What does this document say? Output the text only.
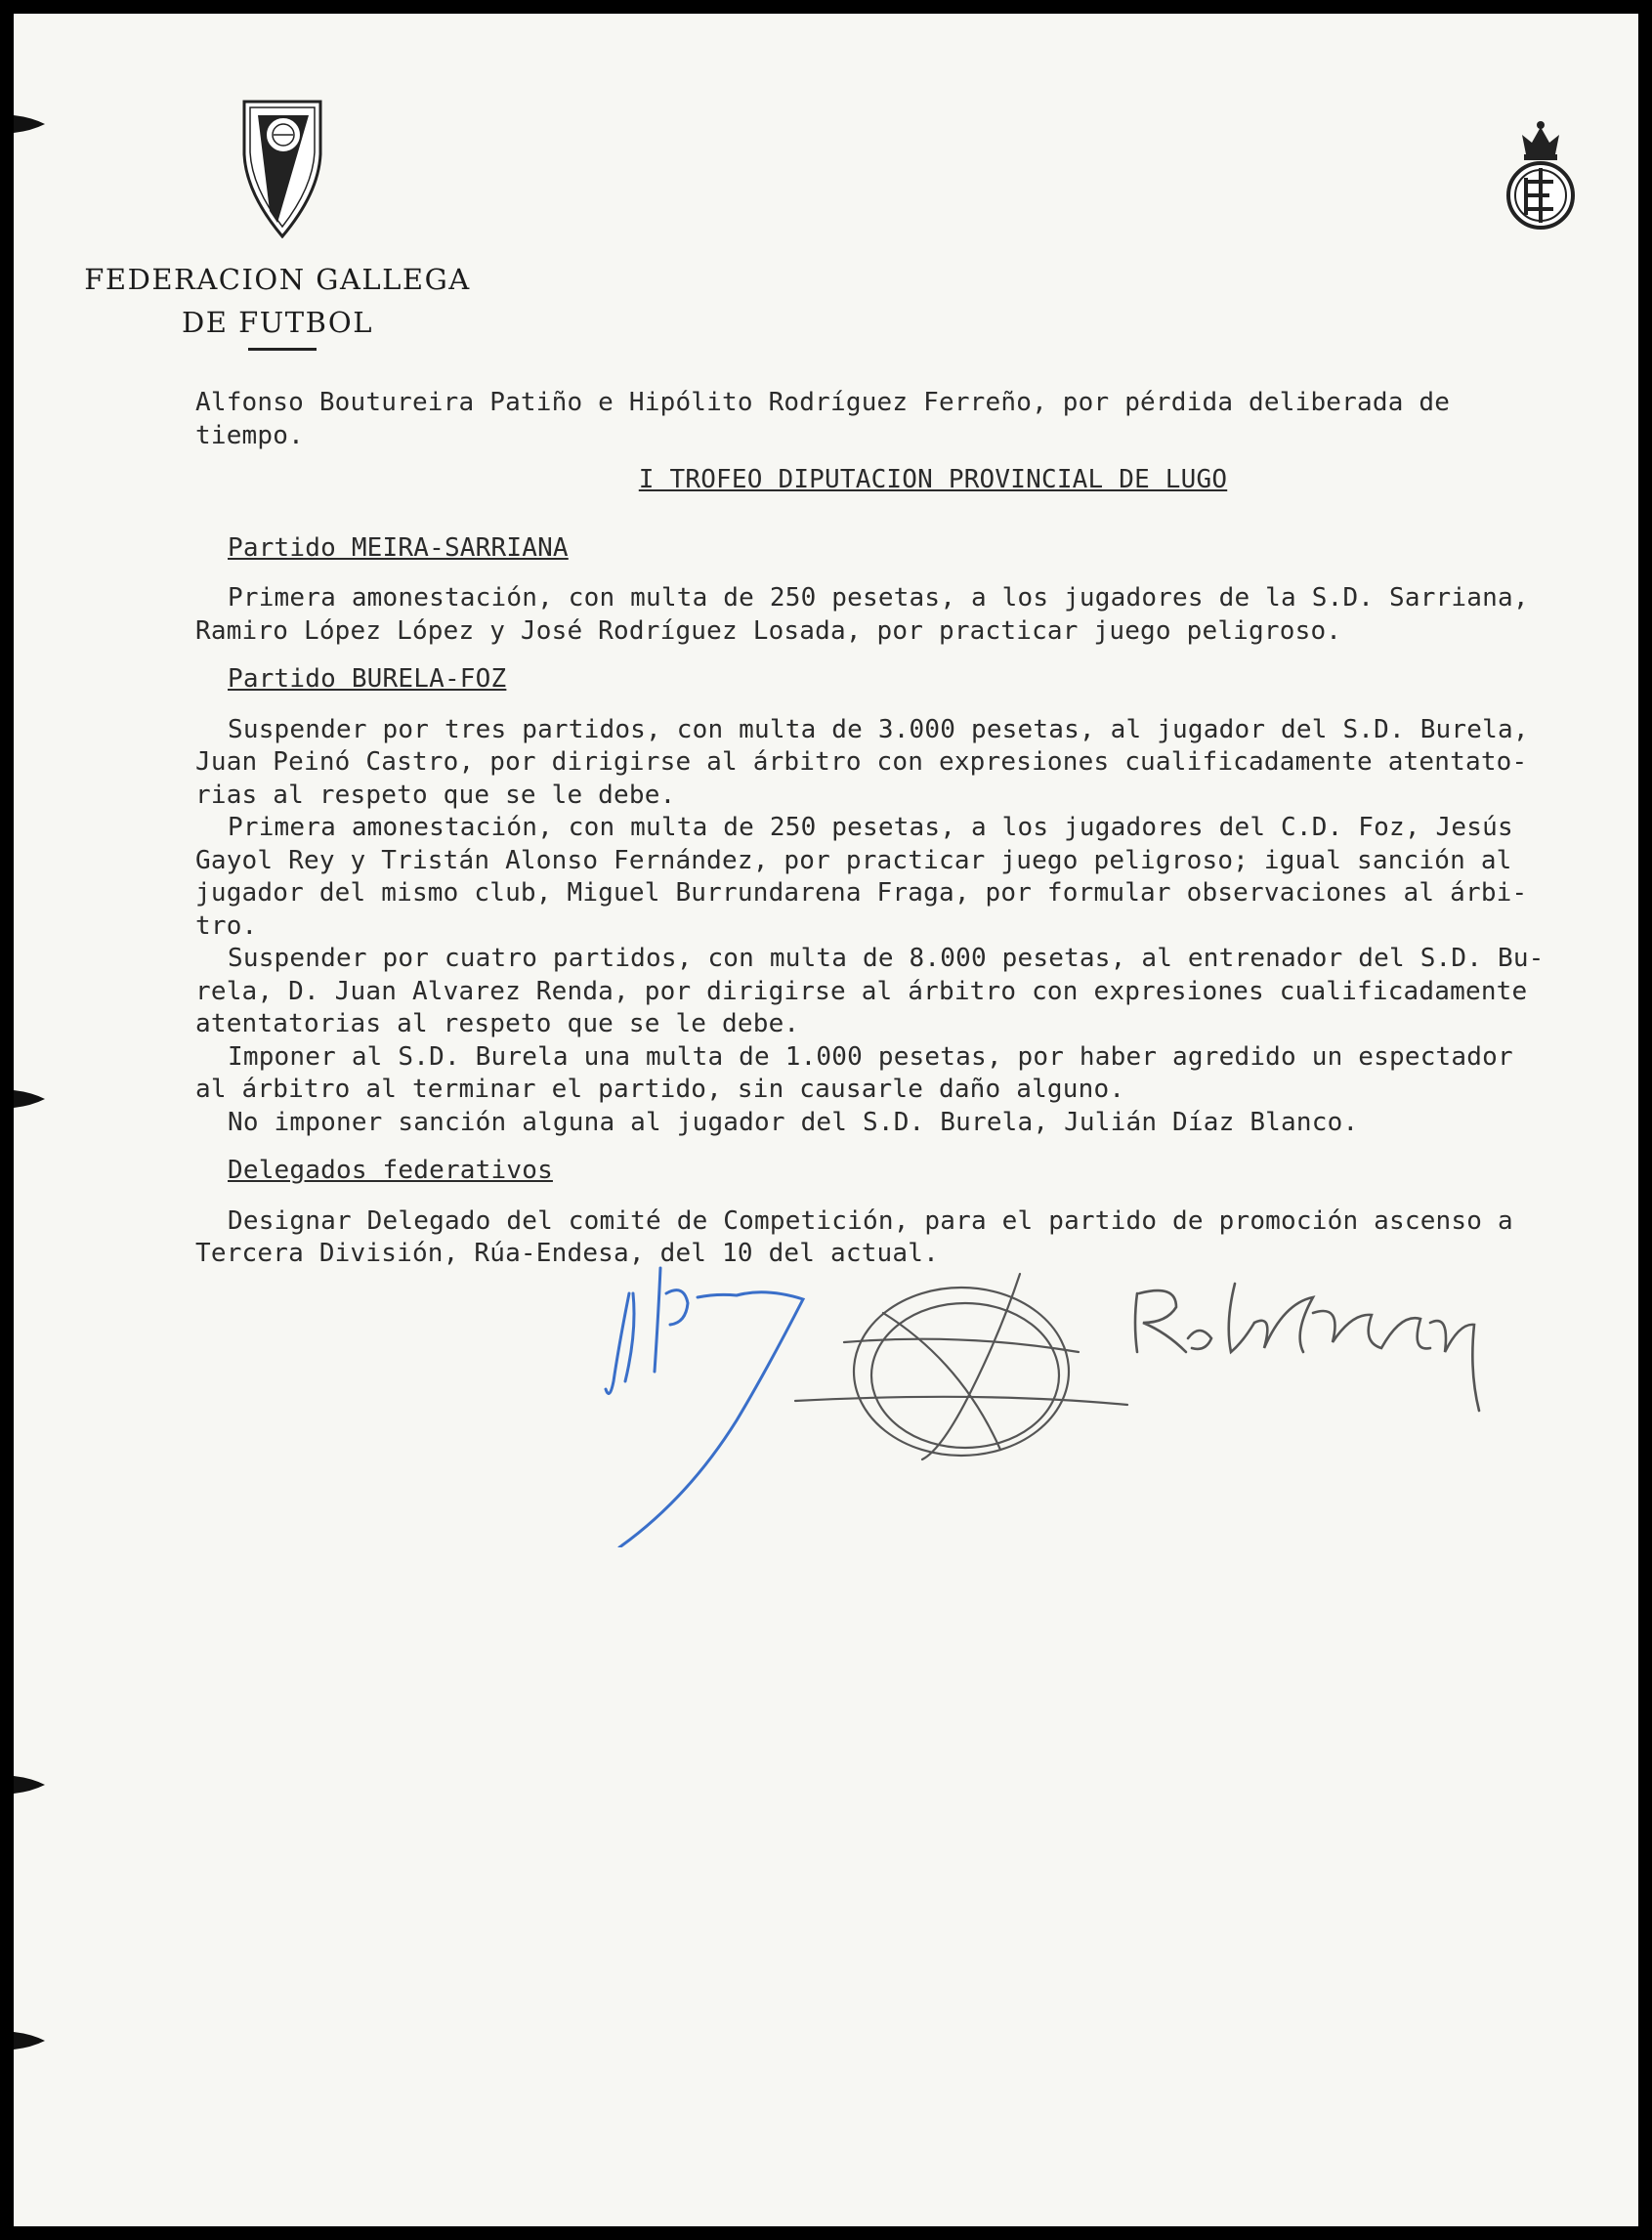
FEDERACION GALLEGA
DE FUTBOL
Alfonso Boutureira Patiño e Hipólito Rodríguez Ferreño, por pérdida deliberada de
tiempo.
I TROFEO DIPUTACION PROVINCIAL DE LUGO
Partido MEIRA-SARRIANA
Primera amonestación, con multa de 250 pesetas, a los jugadores de la S.D. Sarriana,
Ramiro López López y José Rodríguez Losada, por practicar juego peligroso.
Partido BURELA-FOZ
Suspender por tres partidos, con multa de 3.000 pesetas, al jugador del S.D. Burela,
Juan Peinó Castro, por dirigirse al árbitro con expresiones cualificadamente atentato-
rias al respeto que se le debe.
Primera amonestación, con multa de 250 pesetas, a los jugadores del C.D. Foz, Jesús
Gayol Rey y Tristán Alonso Fernández, por practicar juego peligroso; igual sanción al
jugador del mismo club, Miguel Burrundarena Fraga, por formular observaciones al árbi-
tro.
Suspender por cuatro partidos, con multa de 8.000 pesetas, al entrenador del S.D. Bu-
rela, D. Juan Alvarez Renda, por dirigirse al árbitro con expresiones cualificadamente
atentatorias al respeto que se le debe.
Imponer al S.D. Burela una multa de 1.000 pesetas, por haber agredido un espectador
al árbitro al terminar el partido, sin causarle daño alguno.
No imponer sanción alguna al jugador del S.D. Burela, Julián Díaz Blanco.
Delegados federativos
Designar Delegado del comité de Competición, para el partido de promoción ascenso a
Tercera División, Rúa-Endesa, del 10 del actual.
